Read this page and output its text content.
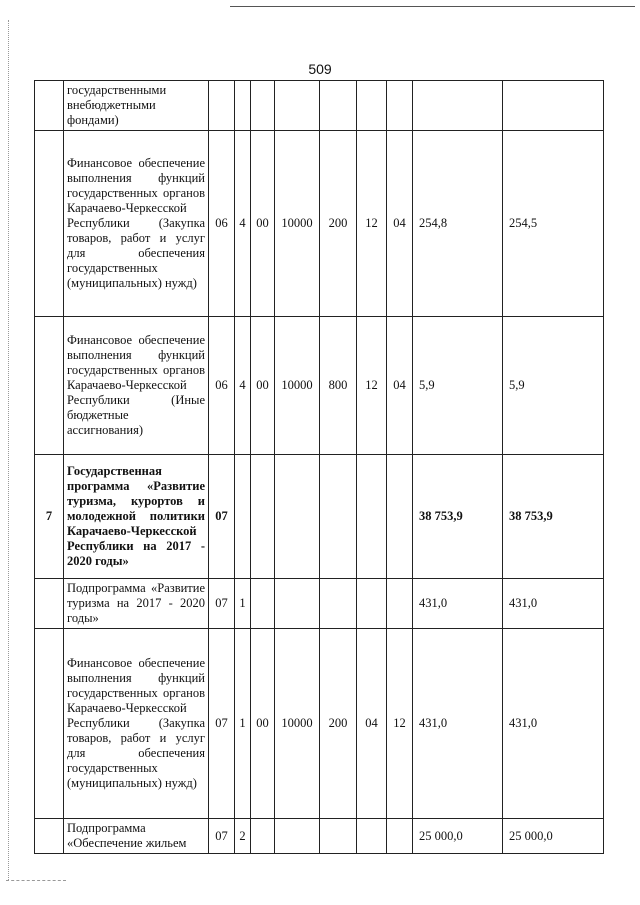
509
	государственными внебюджетными фондами)									
	Финансовое обеспечение выполнения функций государственных органов Карачаево-Черкесской Республики (Закупка товаров, работ и услуг для обеспечения государственных (муниципальных) нужд)	06	4	00	10000	200	12	04	254,8	254,5
	Финансовое обеспечение выполнения функций государственных органов Карачаево-Черкесской Республики (Иные бюджетные ассигнования)	06	4	00	10000	800	12	04	5,9	5,9
7	Государственная программа «Развитие туризма, курортов и молодежной политики Карачаево-Черкесской Республики на 2017 - 2020 годы»	07							38 753,9	38 753,9
	Подпрограмма «Развитие туризма на 2017 - 2020 годы»	07	1						431,0	431,0
	Финансовое обеспечение выполнения функций государственных органов Карачаево-Черкесской Республики (Закупка товаров, работ и услуг для обеспечения государственных (муниципальных) нужд)	07	1	00	10000	200	04	12	431,0	431,0
	Подпрограмма «Обеспечение жильем	07	2						25 000,0	25 000,0
